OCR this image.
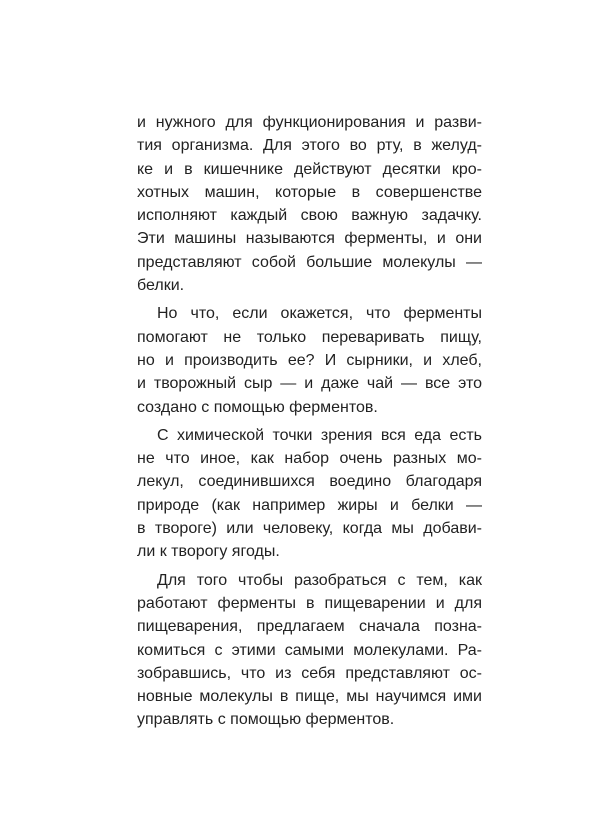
и нужного для функционирования и разви-
тия организма. Для этого во рту, в желуд-
ке и в кишечнике действуют десятки кро-
хотных машин, которые в совершенстве
исполняют каждый свою важную задачку.
Эти машины называются ферменты, и они
представляют собой большие молекулы —
белки.
Но что, если окажется, что ферменты
помогают не только переваривать пищу,
но и производить ее? И сырники, и хлеб,
и творожный сыр — и даже чай — все это
создано с помощью ферментов.
С химической точки зрения вся еда есть
не что иное, как набор очень разных мо-
лекул, соединившихся воедино благодаря
природе (как например жиры и белки —
в твороге) или человеку, когда мы добави-
ли к творогу ягоды.
Для того чтобы разобраться с тем, как
работают ферменты в пищеварении и для
пищеварения, предлагаем сначала позна-
комиться с этими самыми молекулами. Ра-
зобравшись, что из себя представляют ос-
новные молекулы в пище, мы научимся ими
управлять с помощью ферментов.
